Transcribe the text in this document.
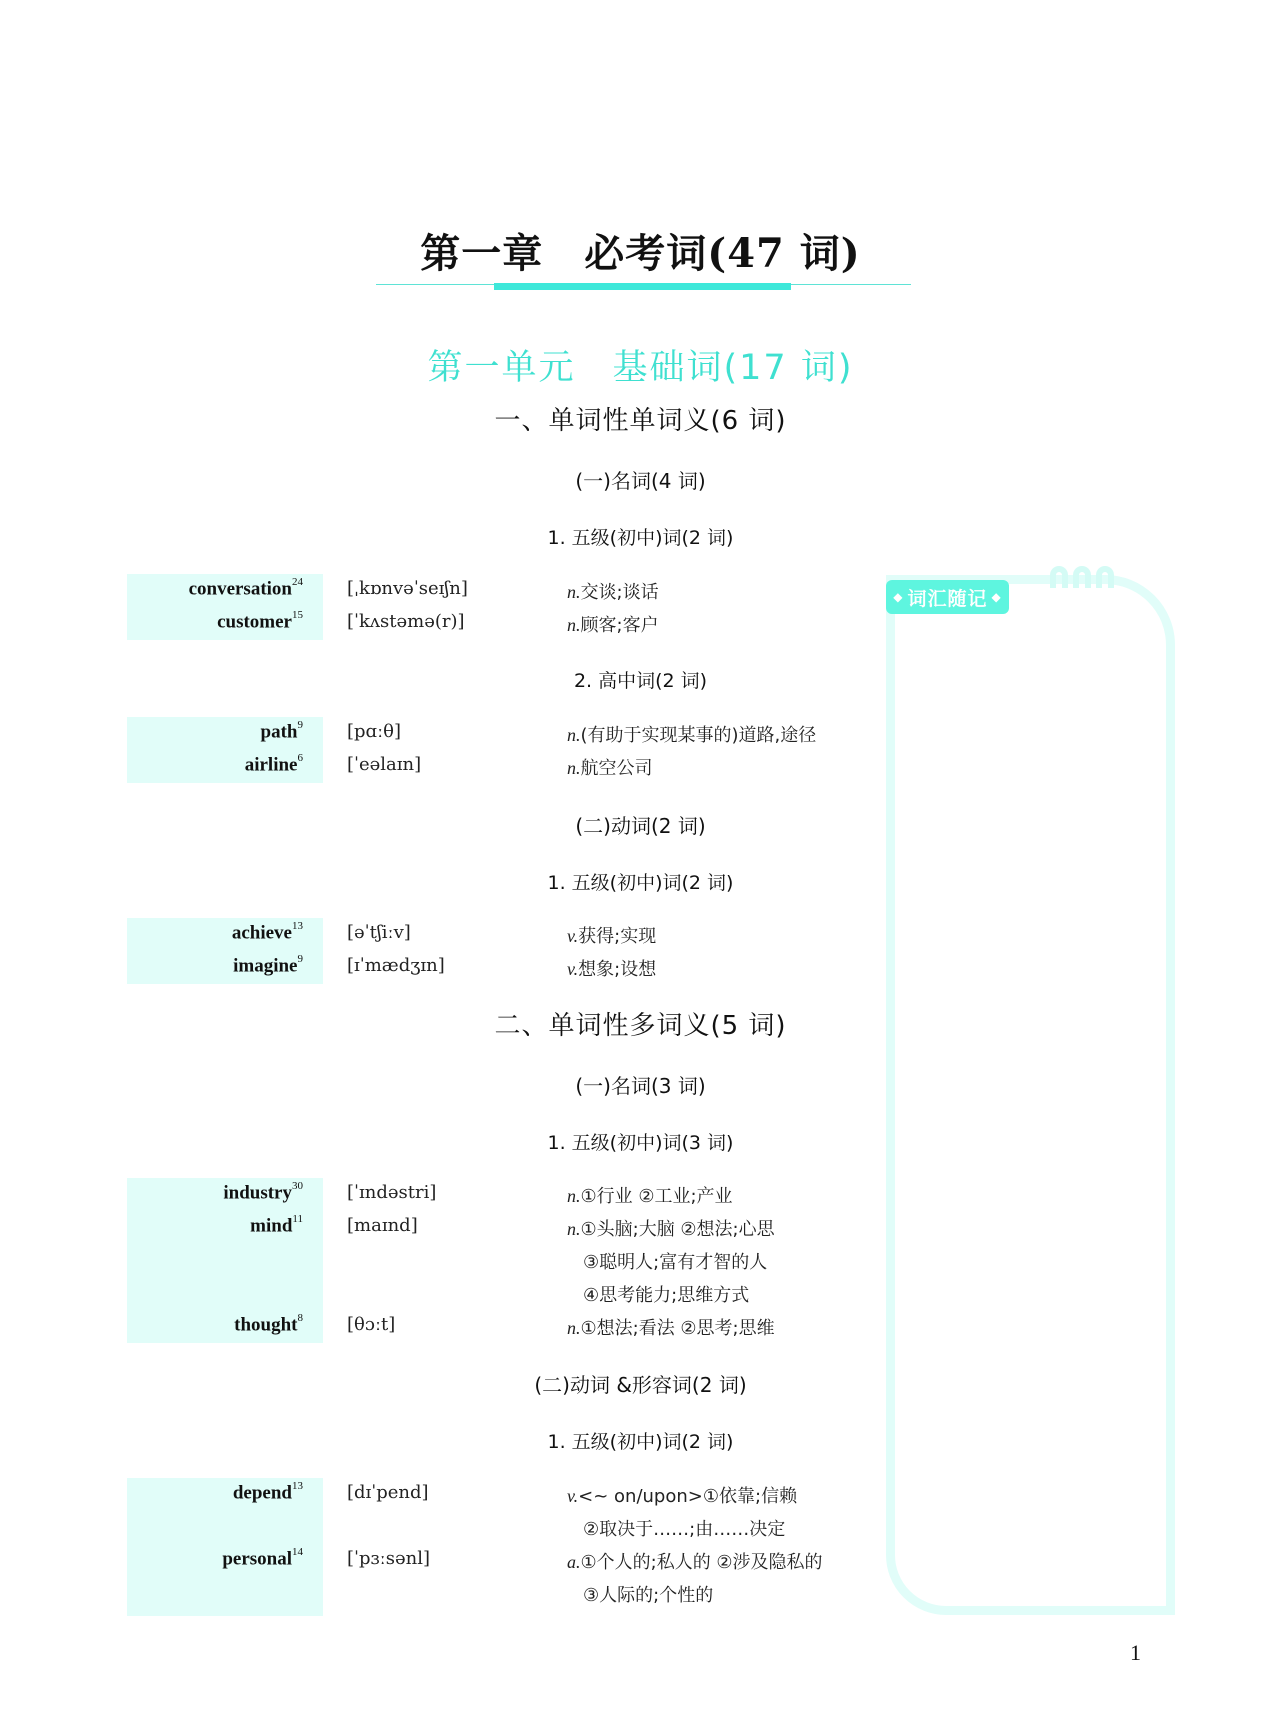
第一章　必考词(47 词)
第一单元　基础词(17 词)
◆ 词汇随记 ◆
一、单词性单词义(6 词)
(一)名词(4 词)
1. 五级(初中)词(2 词)
conversation$^{24}$ [ˌkɒnvəˈseɪʃn]	n.交谈;谈话
customer$^{15}$ [ˈkʌstəmə(r)]	n.顾客;客户
2. 高中词(2 词)
path$^9$ [pɑːθ]	n.(有助于实现某事的)道路,途径
airline$^6$ [ˈeəlaɪn]	n.航空公司
(二)动词(2 词)
1. 五级(初中)词(2 词)
achieve$^{13}$ [əˈtʃiːv]	v.获得;实现
imagine$^9$ [ɪˈmædʒɪn]	v.想象;设想
二、单词性多词义(5 词)
(一)名词(3 词)
1. 五级(初中)词(3 词)
industry$^{30}$ [ˈɪndəstri]	n.①行业 ②工业;产业
mind$^{11}$ [maɪnd]	n.①头脑;大脑 ②想法;心思
③聪明人;富有才智的人
④思考能力;思维方式
thought$^8$ [θɔːt]	n.①想法;看法 ②思考;思维
(二)动词 &形容词(2 词)
1. 五级(初中)词(2 词)
depend$^{13}$ [dɪˈpend]	v.<~ on/upon>①依靠;信赖
②取决于……;由……决定
personal$^{14}$ [ˈpɜːsənl]	a.①个人的;私人的 ②涉及隐私的
③人际的;个性的
1
